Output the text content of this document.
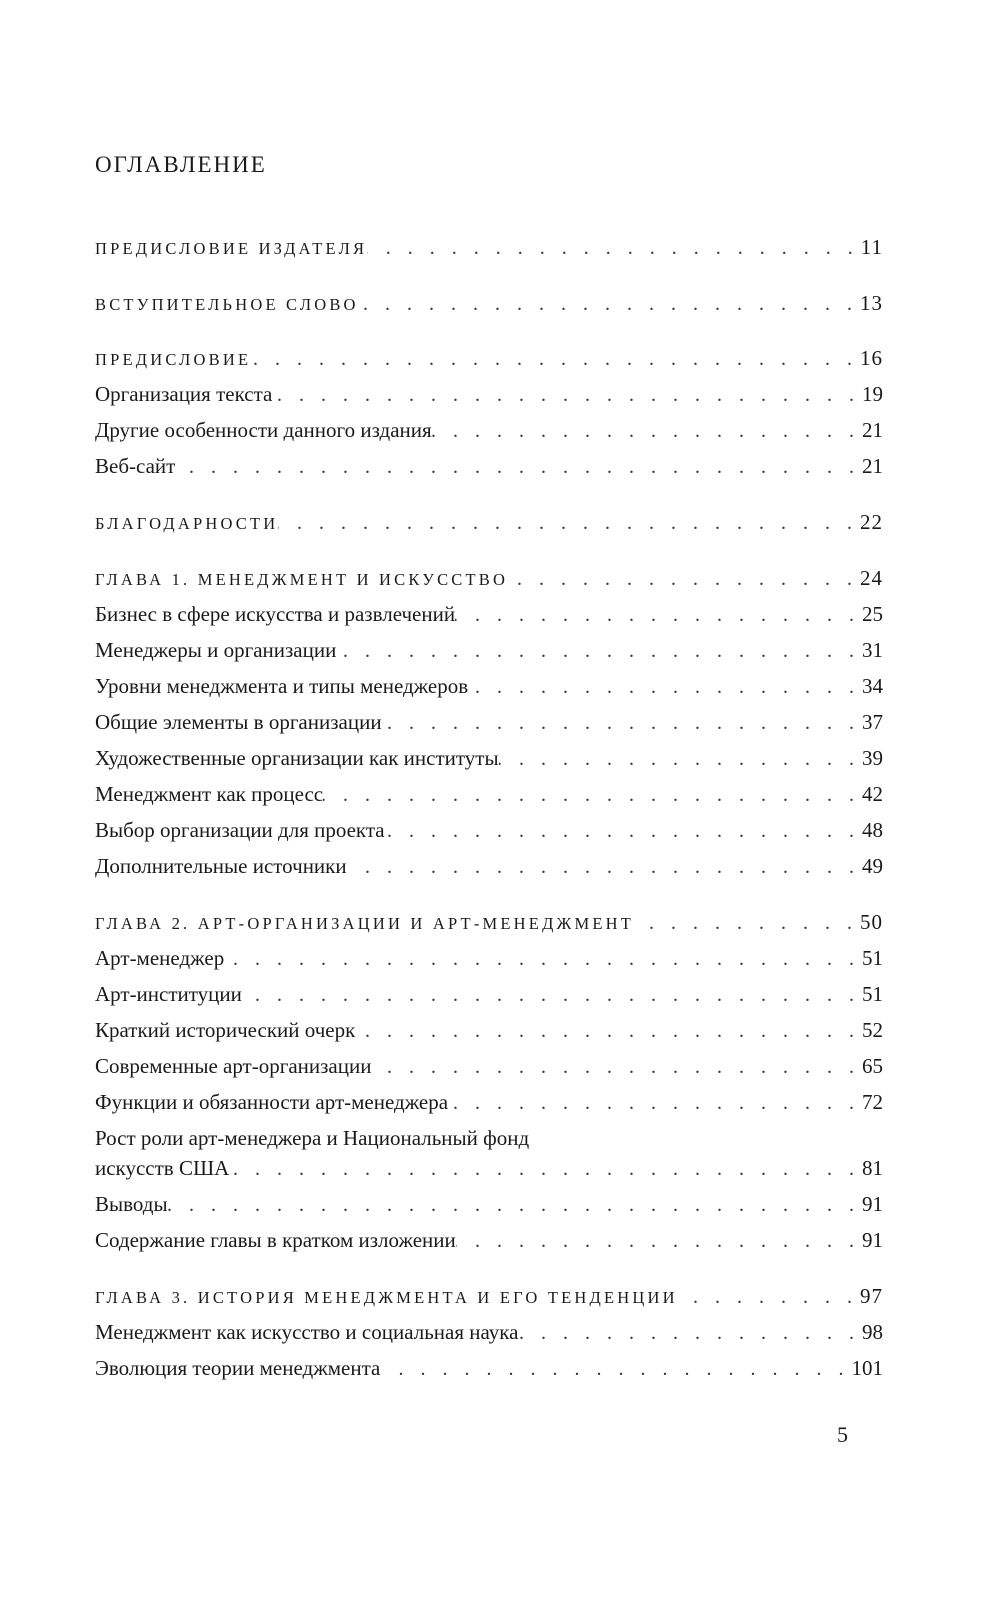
ОГЛАВЛЕНИЕ
ПРЕДИСЛОВИЕ ИЗДАТЕЛЯ . . .	11
ВСТУПИТЕЛЬНОЕ СЛОВО . . .	13
ПРЕДИСЛОВИЕ . . .	16
Организация текста . . .	19
Другие особенности данного издания . . .	21
Веб-сайт . . .	21
БЛАГОДАРНОСТИ . . .	22
ГЛАВА 1. МЕНЕДЖМЕНТ И ИСКУССТВО . . .	24
Бизнес в сфере искусства и развлечений . . .	25
Менеджеры и организации . . .	31
Уровни менеджмента и типы менеджеров . . .	34
Общие элементы в организации . . .	37
Художественные организации как институты . . .	39
Менеджмент как процесс . . .	42
Выбор организации для проекта . . .	48
Дополнительные источники . . .	49
ГЛАВА 2. АРТ-ОРГАНИЗАЦИИ И АРТ-МЕНЕДЖМЕНТ . . .	50
Арт-менеджер . . .	51
Арт-институции . . .	51
Краткий исторический очерк . . .	52
Современные арт-организации . . .	65
Функции и обязанности арт-менеджера . . .	72
Рост роли арт-менеджера и Национальный фонд
искусств США . . .	81
Выводы . . .	91
Содержание главы в кратком изложении . . .	91
ГЛАВА 3. ИСТОРИЯ МЕНЕДЖМЕНТА И ЕГО ТЕНДЕНЦИИ . . .	97
Менеджмент как искусство и социальная наука . . .	98
Эволюция теории менеджмента . . .	101
5
